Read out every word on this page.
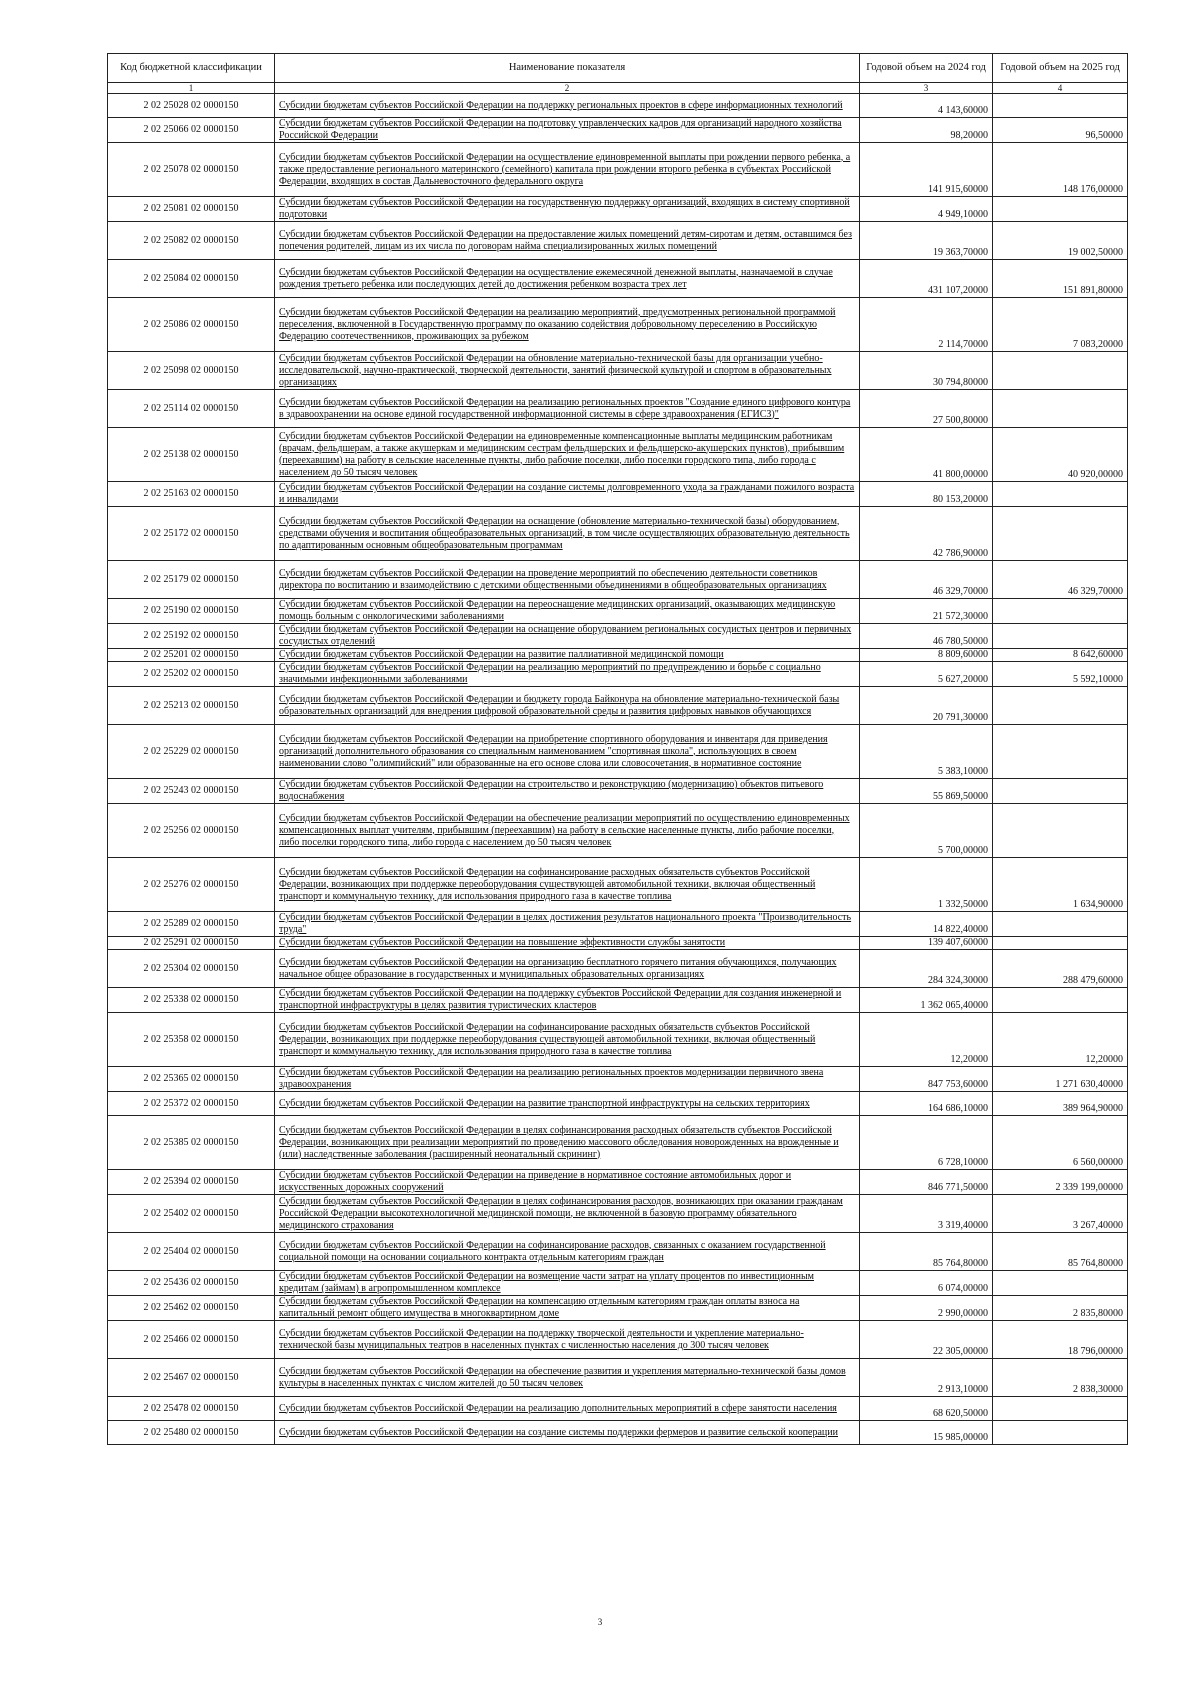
Код бюджетной классификации	Наименование показателя	Годовой объем на 2024 год	Годовой объем на 2025 год
1	2	3	4
2 02 25028 02 0000150	Субсидии бюджетам субъектов Российской Федерации на поддержку региональных проектов в сфере информационных технологий	4 143,60000	
2 02 25066 02 0000150	Субсидии бюджетам субъектов Российской Федерации на подготовку управленческих кадров для организаций народного хозяйства Российской Федерации	98,20000	96,50000
2 02 25078 02 0000150	Субсидии бюджетам субъектов Российской Федерации на осуществление единовременной выплаты при рождении первого ребенка, а также предоставление регионального материнского (семейного) капитала при рождении второго ребенка в субъектах Российской Федерации, входящих в состав Дальневосточного федерального округа	141 915,60000	148 176,00000
2 02 25081 02 0000150	Субсидии бюджетам субъектов Российской Федерации на государственную поддержку организаций, входящих в систему спортивной подготовки	4 949,10000	
2 02 25082 02 0000150	Субсидии бюджетам субъектов Российской Федерации на предоставление жилых помещений детям-сиротам и детям, оставшимся без попечения родителей, лицам из их числа по договорам найма специализированных жилых помещений	19 363,70000	19 002,50000
2 02 25084 02 0000150	Субсидии бюджетам субъектов Российской Федерации на осуществление ежемесячной денежной выплаты, назначаемой в случае рождения третьего ребенка или последующих детей до достижения ребенком возраста трех лет	431 107,20000	151 891,80000
2 02 25086 02 0000150	Субсидии бюджетам субъектов Российской Федерации на реализацию мероприятий, предусмотренных региональной программой переселения, включенной в Государственную программу по оказанию содействия добровольному переселению в Российскую Федерацию соотечественников, проживающих за рубежом	2 114,70000	7 083,20000
2 02 25098 02 0000150	Субсидии бюджетам субъектов Российской Федерации на обновление материально-технической базы для организации учебно-исследовательской, научно-практической, творческой деятельности, занятий физической культурой и спортом в образовательных организациях	30 794,80000	
2 02 25114 02 0000150	Субсидии бюджетам субъектов Российской Федерации на реализацию региональных проектов "Создание единого цифрового контура в здравоохранении на основе единой государственной информационной системы в сфере здравоохранения (ЕГИСЗ)"	27 500,80000	
2 02 25138 02 0000150	Субсидии бюджетам субъектов Российской Федерации на единовременные компенсационные выплаты медицинским работникам (врачам, фельдшерам, а также акушеркам и медицинским сестрам фельдшерских и фельдшерско-акушерских пунктов), прибывшим (переехавшим) на работу в сельские населенные пункты, либо рабочие поселки, либо поселки городского типа, либо города с населением до 50 тысяч человек	41 800,00000	40 920,00000
2 02 25163 02 0000150	Субсидии бюджетам субъектов Российской Федерации на создание системы долговременного ухода за гражданами пожилого возраста и инвалидами	80 153,20000	
2 02 25172 02 0000150	Субсидии бюджетам субъектов Российской Федерации на оснащение (обновление материально-технической базы) оборудованием, средствами обучения и воспитания общеобразовательных организаций, в том числе осуществляющих образовательную деятельность по адаптированным основным общеобразовательным программам	42 786,90000	
2 02 25179 02 0000150	Субсидии бюджетам субъектов Российской Федерации на проведение мероприятий по обеспечению деятельности советников директора по воспитанию и взаимодействию с детскими общественными объединениями в общеобразовательных организациях	46 329,70000	46 329,70000
2 02 25190 02 0000150	Субсидии бюджетам субъектов Российской Федерации на переоснащение медицинских организаций, оказывающих медицинскую помощь больным с онкологическими заболеваниями	21 572,30000	
2 02 25192 02 0000150	Субсидии бюджетам субъектов Российской Федерации на оснащение оборудованием региональных сосудистых центров и первичных сосудистых отделений	46 780,50000	
2 02 25201 02 0000150	Субсидии бюджетам субъектов Российской Федерации на развитие паллиативной медицинской помощи	8 809,60000	8 642,60000
2 02 25202 02 0000150	Субсидии бюджетам субъектов Российской Федерации на реализацию мероприятий по предупреждению и борьбе с социально значимыми инфекционными заболеваниями	5 627,20000	5 592,10000
2 02 25213 02 0000150	Субсидии бюджетам субъектов Российской Федерации и бюджету города Байконура на обновление материально-технической базы образовательных организаций для внедрения цифровой образовательной среды и развития цифровых навыков обучающихся	20 791,30000	
2 02 25229 02 0000150	Субсидии бюджетам субъектов Российской Федерации на приобретение спортивного оборудования и инвентаря для приведения организаций дополнительного образования со специальным наименованием "спортивная школа", использующих в своем наименовании слово "олимпийский" или образованные на его основе слова или словосочетания, в нормативное состояние	5 383,10000	
2 02 25243 02 0000150	Субсидии бюджетам субъектов Российской Федерации на строительство и реконструкцию (модернизацию) объектов питьевого водоснабжения	55 869,50000	
2 02 25256 02 0000150	Субсидии бюджетам субъектов Российской Федерации на обеспечение реализации мероприятий по осуществлению единовременных компенсационных выплат учителям, прибывшим (переехавшим) на работу в сельские населенные пункты, либо рабочие поселки, либо поселки городского типа, либо города с населением до 50 тысяч человек	5 700,00000	
2 02 25276 02 0000150	Субсидии бюджетам субъектов Российской Федерации на софинансирование расходных обязательств субъектов Российской Федерации, возникающих при поддержке переоборудования существующей автомобильной техники, включая общественный транспорт и коммунальную технику, для использования природного газа в качестве топлива	1 332,50000	1 634,90000
2 02 25289 02 0000150	Субсидии бюджетам субъектов Российской Федерации в целях достижения результатов национального проекта "Производительность труда"	14 822,40000	
2 02 25291 02 0000150	Субсидии бюджетам субъектов Российской Федерации на повышение эффективности службы занятости	139 407,60000	
2 02 25304 02 0000150	Субсидии бюджетам субъектов Российской Федерации на организацию бесплатного горячего питания обучающихся, получающих начальное общее образование в государственных и муниципальных образовательных организациях	284 324,30000	288 479,60000
2 02 25338 02 0000150	Субсидии бюджетам субъектов Российской Федерации на поддержку субъектов Российской Федерации для создания инженерной и транспортной инфраструктуры в целях развития туристических кластеров	1 362 065,40000	
2 02 25358 02 0000150	Субсидии бюджетам субъектов Российской Федерации на софинансирование расходных обязательств субъектов Российской Федерации, возникающих при поддержке переоборудования существующей автомобильной техники, включая общественный транспорт и коммунальную технику, для использования природного газа в качестве топлива	12,20000	12,20000
2 02 25365 02 0000150	Субсидии бюджетам субъектов Российской Федерации на реализацию региональных проектов модернизации первичного звена здравоохранения	847 753,60000	1 271 630,40000
2 02 25372 02 0000150	Субсидии бюджетам субъектов Российской Федерации на развитие транспортной инфраструктуры на сельских территориях	164 686,10000	389 964,90000
2 02 25385 02 0000150	Субсидии бюджетам субъектов Российской Федерации в целях софинансирования расходных обязательств субъектов Российской Федерации, возникающих при реализации мероприятий по проведению массового обследования новорожденных на врожденные и (или) наследственные заболевания (расширенный неонатальный скрининг)	6 728,10000	6 560,00000
2 02 25394 02 0000150	Субсидии бюджетам субъектов Российской Федерации на приведение в нормативное состояние автомобильных дорог и искусственных дорожных сооружений	846 771,50000	2 339 199,00000
2 02 25402 02 0000150	Субсидии бюджетам субъектов Российской Федерации в целях софинансирования расходов, возникающих при оказании гражданам Российской Федерации высокотехнологичной медицинской помощи, не включенной в базовую программу обязательного медицинского страхования	3 319,40000	3 267,40000
2 02 25404 02 0000150	Субсидии бюджетам субъектов Российской Федерации на софинансирование расходов, связанных с оказанием государственной социальной помощи на основании социального контракта отдельным категориям граждан	85 764,80000	85 764,80000
2 02 25436 02 0000150	Субсидии бюджетам субъектов Российской Федерации на возмещение части затрат на уплату процентов по инвестиционным кредитам (займам) в агропромышленном комплексе	6 074,00000	
2 02 25462 02 0000150	Субсидии бюджетам субъектов Российской Федерации на компенсацию отдельным категориям граждан оплаты взноса на капитальный ремонт общего имущества в многоквартирном доме	2 990,00000	2 835,80000
2 02 25466 02 0000150	Субсидии бюджетам субъектов Российской Федерации на поддержку творческой деятельности и укрепление материально-технической базы муниципальных театров в населенных пунктах с численностью населения до 300 тысяч человек	22 305,00000	18 796,00000
2 02 25467 02 0000150	Субсидии бюджетам субъектов Российской Федерации на обеспечение развития и укрепления материально-технической базы домов культуры в населенных пунктах с числом жителей до 50 тысяч человек	2 913,10000	2 838,30000
2 02 25478 02 0000150	Субсидии бюджетам субъектов Российской Федерации на реализацию дополнительных мероприятий в сфере занятости населения	68 620,50000	
2 02 25480 02 0000150	Субсидии бюджетам субъектов Российской Федерации на создание системы поддержки фермеров и развитие сельской кооперации	15 985,00000	
3
